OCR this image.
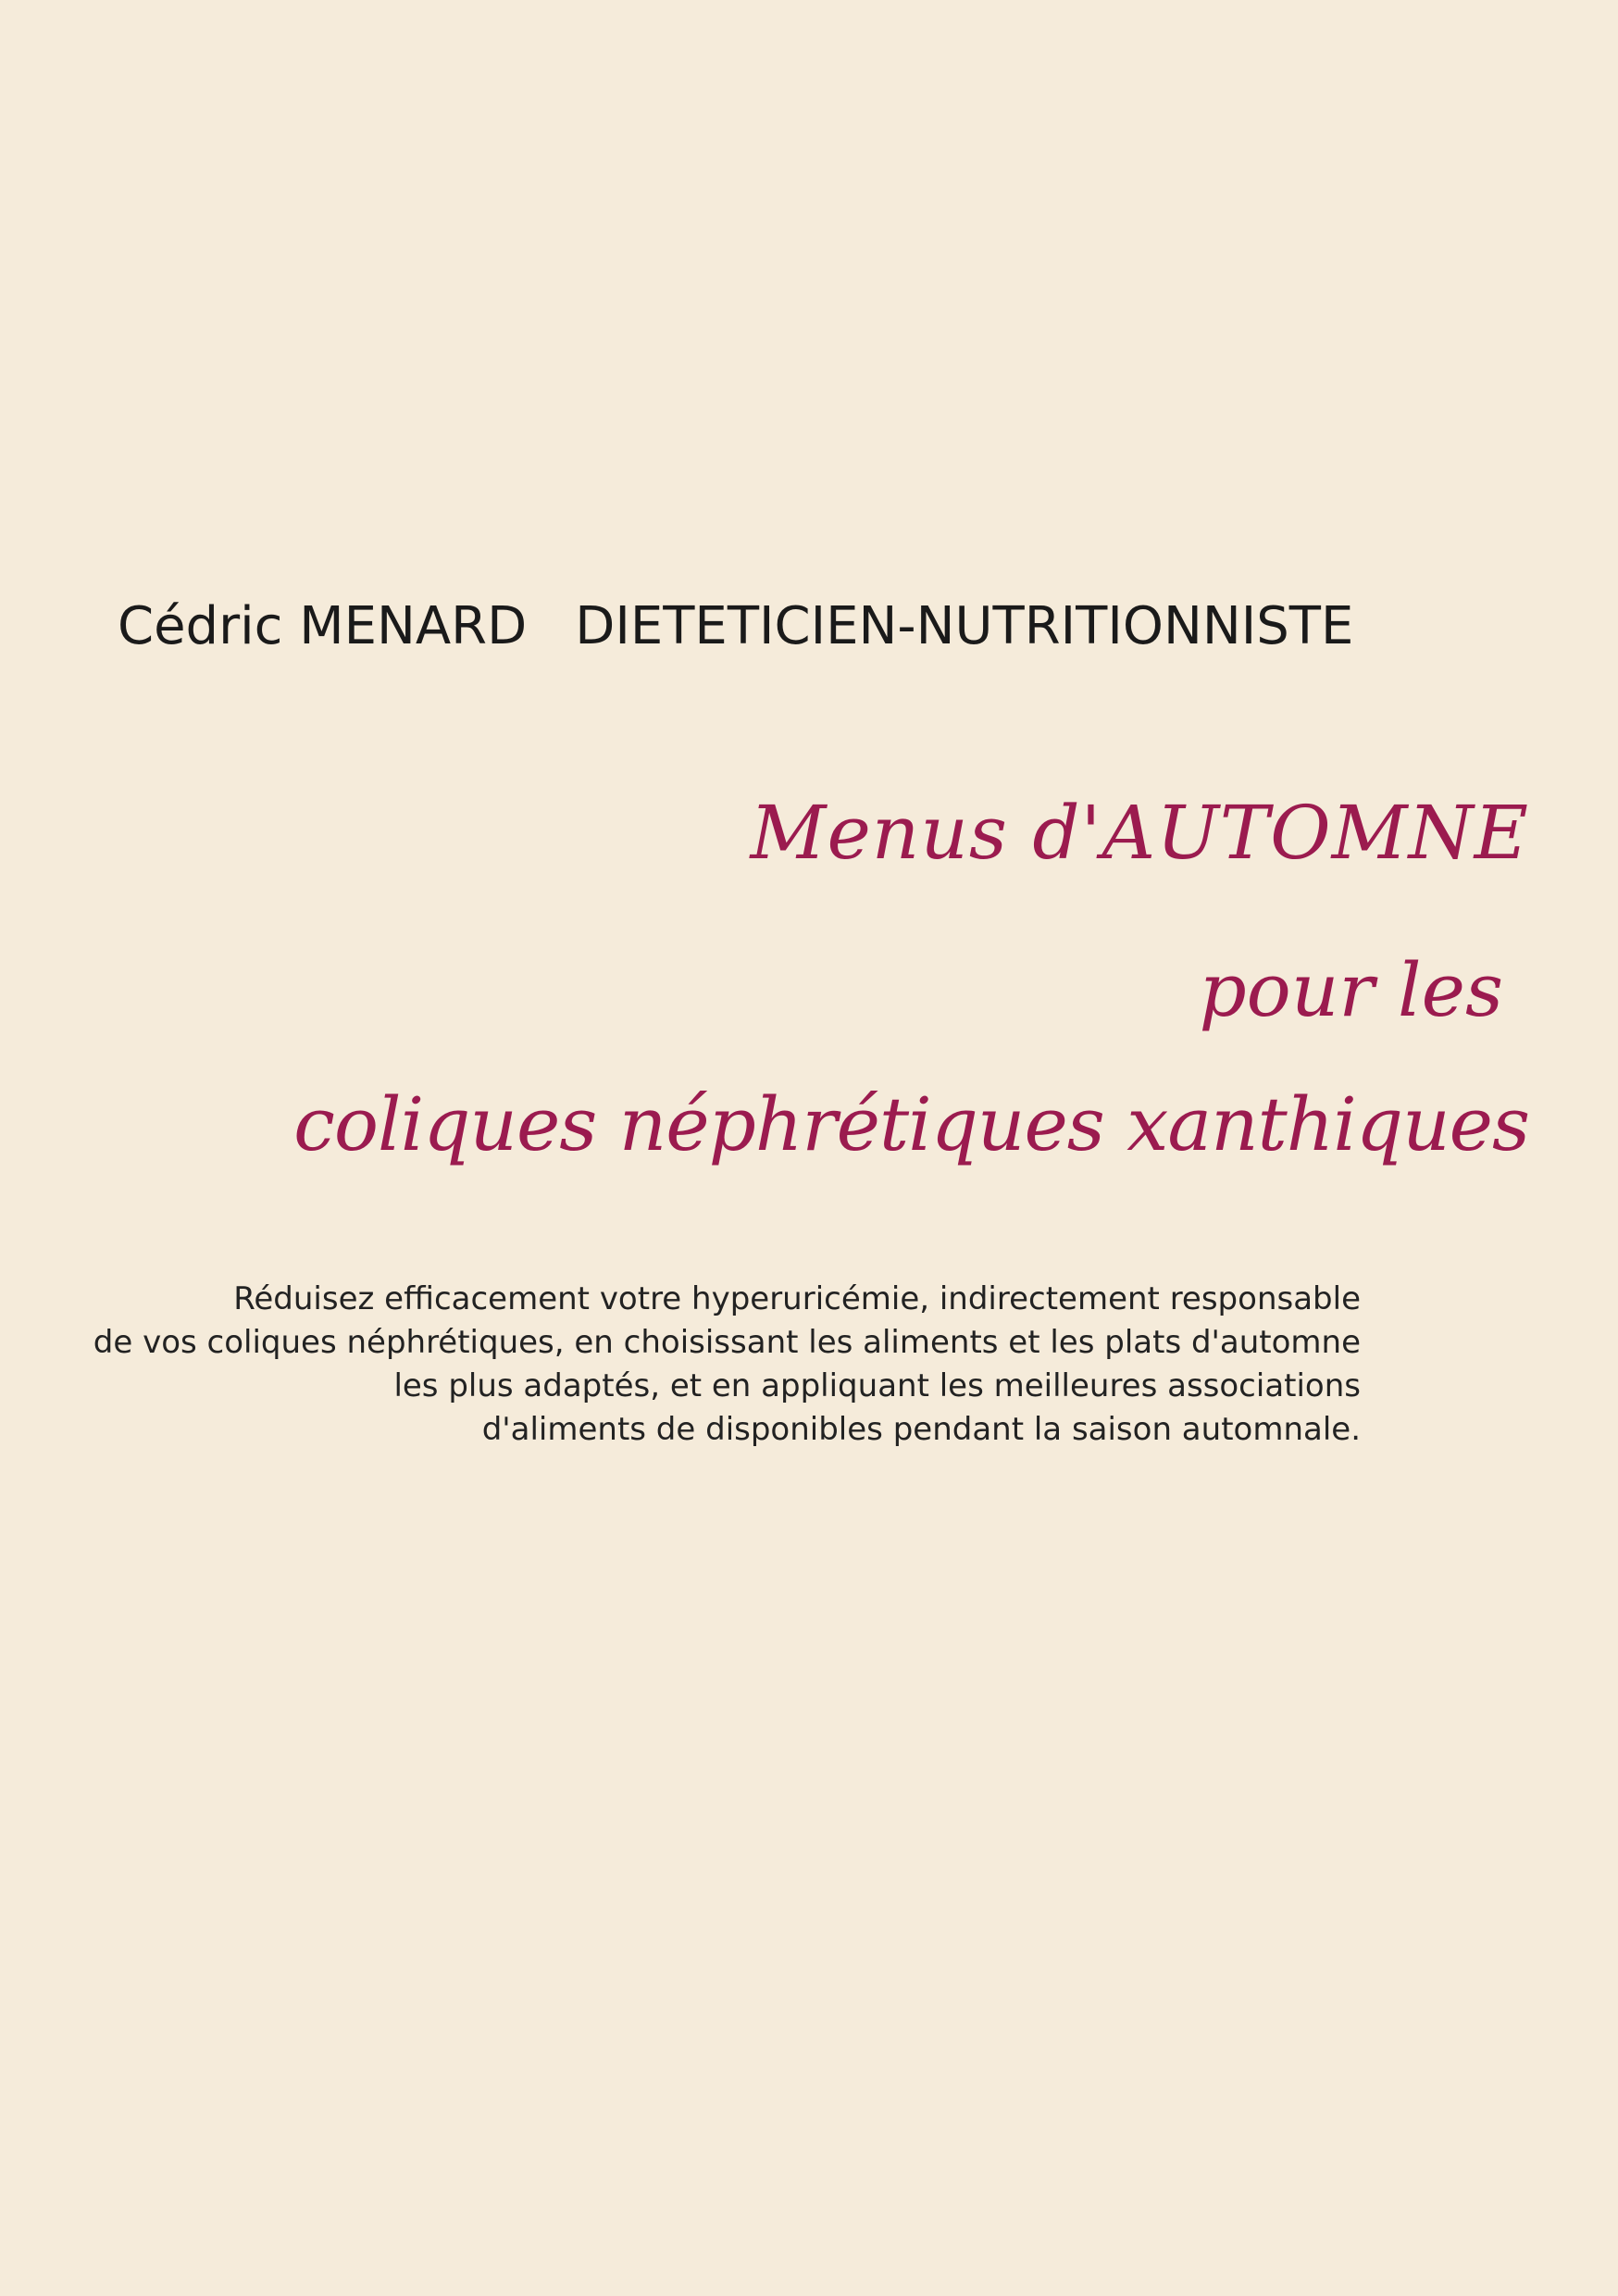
Cédric MENARD DIETETICIEN-NUTRITIONNISTE
Menus d'AUTOMNE
pour les
coliques néphrétiques xanthiques
Réduisez efficacement votre hyperuricémie, indirectement responsable
de vos coliques néphrétiques, en choisissant les aliments et les plats d'automne
les plus adaptés, et en appliquant les meilleures associations
d'aliments de disponibles pendant la saison automnale.
